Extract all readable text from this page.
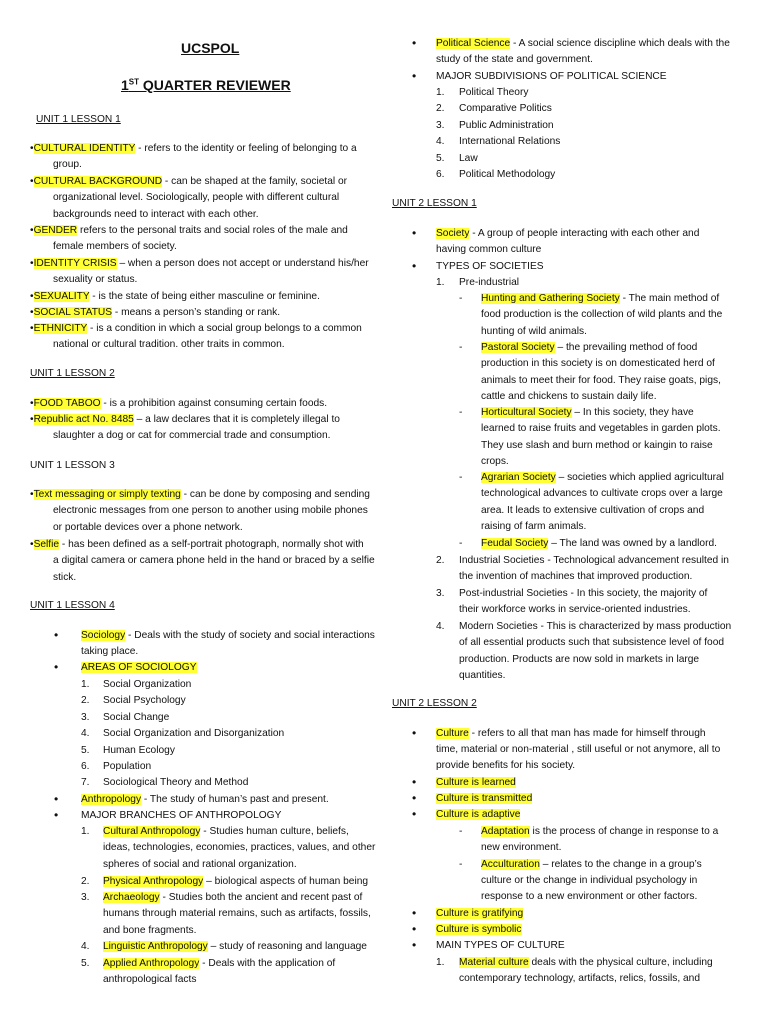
UCSPOL
1ST QUARTER REVIEWER
UNIT 1 LESSON 1
•CULTURAL IDENTITY - refers to the identity or feeling of belonging to a
group.
•CULTURAL BACKGROUND - can be shaped at the family, societal or
organizational level. Sociologically, people with different cultural
backgrounds need to interact with each other.
•GENDER refers to the personal traits and social roles of the male and
female members of society.
•IDENTITY CRISIS – when a person does not accept or understand his/her
sexuality or status.
•SEXUALITY - is the state of being either masculine or feminine.
•SOCIAL STATUS - means a person’s standing or rank.
•ETHNICITY - is a condition in which a social group belongs to a common
national or cultural tradition. other traits in common.
UNIT 1 LESSON 2
•FOOD TABOO - is a prohibition against consuming certain foods.
•Republic act No. 8485 – a law declares that it is completely illegal to
slaughter a dog or cat for commercial trade and consumption.
UNIT 1 LESSON 3
•Text messaging or simply texting - can be done by composing and sending
electronic messages from one person to another using mobile phones
or portable devices over a phone network.
•Selfie - has been defined as a self-portrait photograph, normally shot with
a digital camera or camera phone held in the hand or braced by a selfie
stick.
UNIT 1 LESSON 4
• Sociology - Deals with the study of society and social interactions
taking place.
• AREAS OF SOCIOLOGY
1. Social Organization
2. Social Psychology
3. Social Change
4. Social Organization and Disorganization
5. Human Ecology
6. Population
7. Sociological Theory and Method
• Anthropology - The study of human’s past and present.
• MAJOR BRANCHES OF ANTHROPOLOGY
1. Cultural Anthropology - Studies human culture, beliefs,
ideas, technologies, economies, practices, values, and other
spheres of social and rational organization.
2. Physical Anthropology – biological aspects of human being
3. Archaeology - Studies both the ancient and recent past of
humans through material remains, such as artifacts, fossils,
and bone fragments.
4. Linguistic Anthropology – study of reasoning and language
5. Applied Anthropology - Deals with the application of
anthropological facts
• Political Science - A social science discipline which deals with the
study of the state and government.
• MAJOR SUBDIVISIONS OF POLITICAL SCIENCE
1. Political Theory
2. Comparative Politics
3. Public Administration
4. International Relations
5. Law
6. Political Methodology
UNIT 2 LESSON 1
• Society - A group of people interacting with each other and
having common culture
• TYPES OF SOCIETIES
1. Pre-industrial
- Hunting and Gathering Society - The main method of
food production is the collection of wild plants and the
hunting of wild animals.
- Pastoral Society – the prevailing method of food
production in this society is on domesticated herd of
animals to meet their for food. They raise goats, pigs,
cattle and chickens to sustain daily life.
- Horticultural Society – In this society, they have
learned to raise fruits and vegetables in garden plots.
They use slash and burn method or kaingin to raise
crops.
- Agrarian Society – societies which applied agricultural
technological advances to cultivate crops over a large
area. It leads to extensive cultivation of crops and
raising of farm animals.
- Feudal Society – The land was owned by a landlord.
2. Industrial Societies - Technological advancement resulted in
the invention of machines that improved production.
3. Post-industrial Societies - In this society, the majority of
their workforce works in service-oriented industries.
4. Modern Societies - This is characterized by mass production
of all essential products such that subsistence level of food
production. Products are now sold in markets in large
quantities.
UNIT 2 LESSON 2
• Culture - refers to all that man has made for himself through
time, material or non-material , still useful or not anymore, all to
provide benefits for his society.
• Culture is learned
• Culture is transmitted
• Culture is adaptive
- Adaptation is the process of change in response to a
new environment.
- Acculturation – relates to the change in a group’s
culture or the change in individual psychology in
response to a new environment or other factors.
• Culture is gratifying
• Culture is symbolic
• MAIN TYPES OF CULTURE
1. Material culture deals with the physical culture, including
contemporary technology, artifacts, relics, fossils, and
